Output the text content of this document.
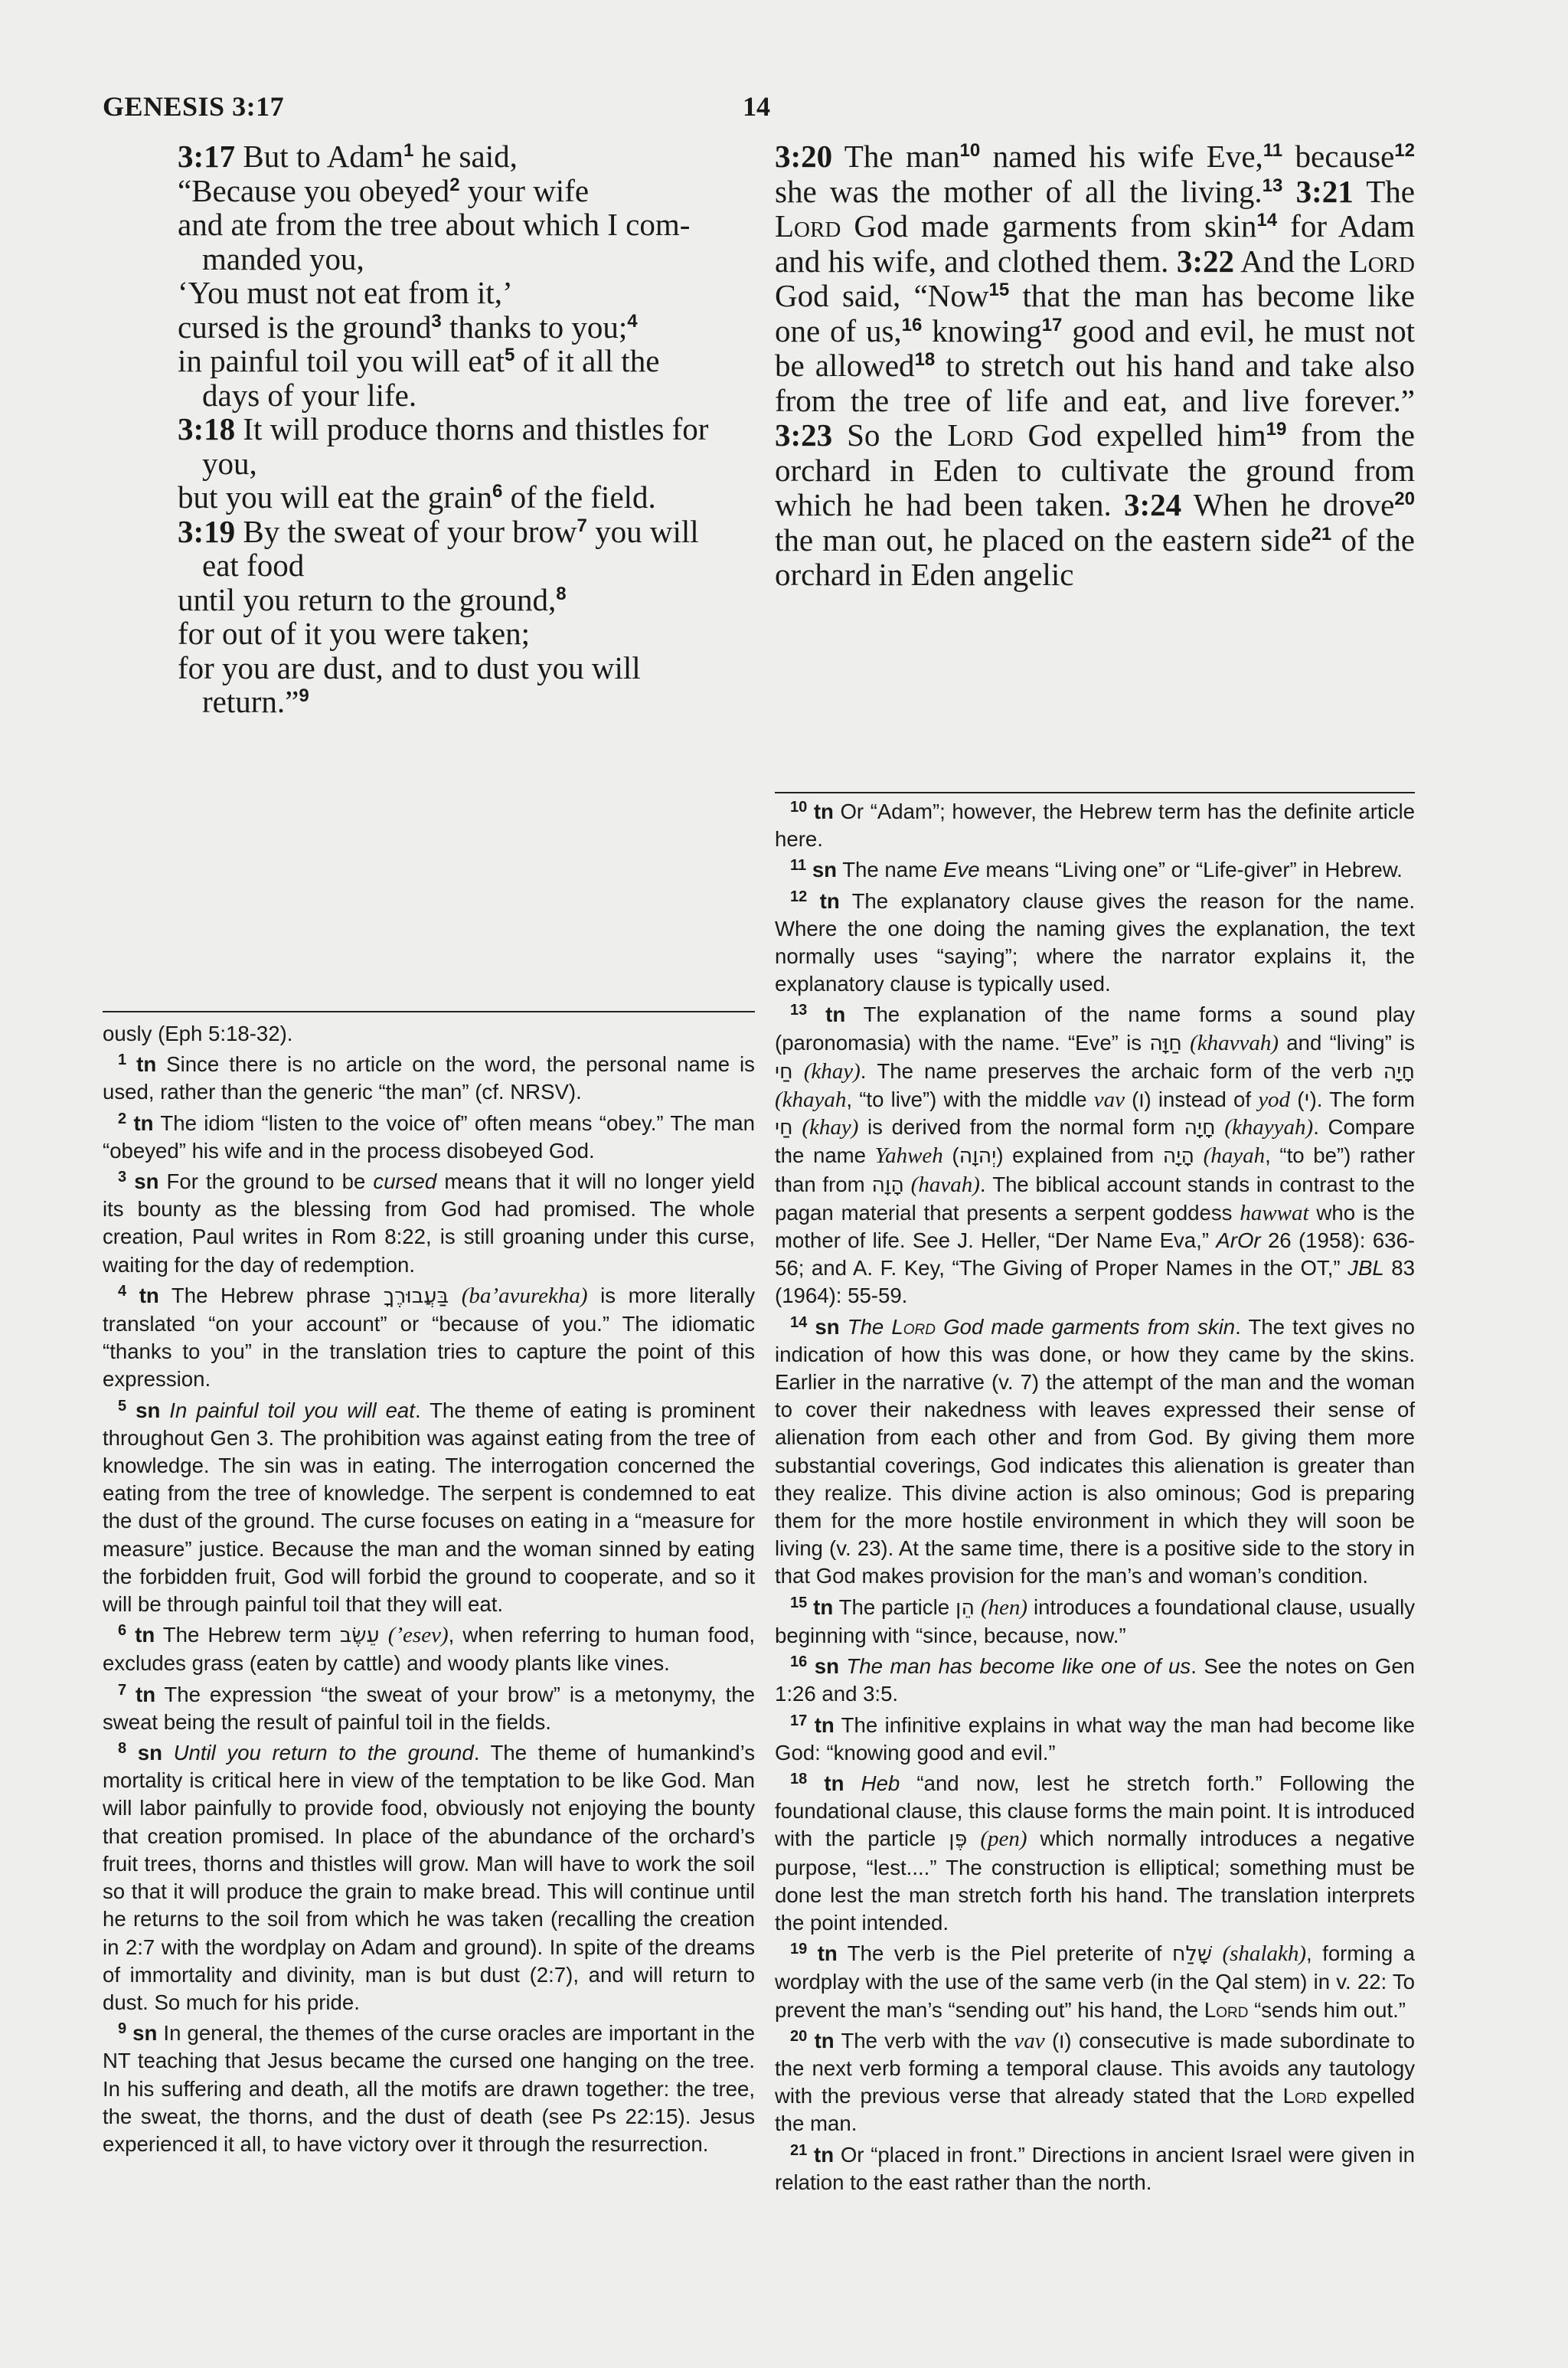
GENESIS 3:17	14
3:17 But to Adam$^1$ he said,
“Because you obeyed$^2$ your wife
and ate from the tree about which I com-
manded you,
‘You must not eat from it,’
cursed is the ground$^3$ thanks to you;$^4$
in painful toil you will eat$^5$ of it all the
days of your life.
3:18 It will produce thorns and thistles for
you,
but you will eat the grain$^6$ of the field.
3:19 By the sweat of your brow$^7$ you will
eat food
until you return to the ground,$^8$
for out of it you were taken;
for you are dust, and to dust you will
return.”$^9$
3:20 The man$^{10}$ named his wife Eve,$^{11}$ because$^{12}$ she was the mother of all the living.$^{13}$ 3:21 The Lord God made garments from skin$^{14}$ for Adam and his wife, and clothed them. 3:22 And the Lord God said, “Now$^{15}$ that the man has become like one of us,$^{16}$ knowing$^{17}$ good and evil, he must not be allowed$^{18}$ to stretch out his hand and take also from the tree of life and eat, and live forever.” 3:23 So the Lord God expelled him$^{19}$ from the orchard in Eden to cultivate the ground from which he had been taken. 3:24 When he drove$^{20}$ the man out, he placed on the eastern side$^{21}$ of the orchard in Eden angelic
ously (Eph 5:18-32).
$^1$ tn Since there is no article on the word, the personal name is used, rather than the generic “the man” (cf. NRSV).
$^2$ tn The idiom “listen to the voice of” often means “obey.” The man “obeyed” his wife and in the process disobeyed God.
$^3$ sn For the ground to be cursed means that it will no longer yield its bounty as the blessing from God had promised. The whole creation, Paul writes in Rom 8:22, is still groaning under this curse, waiting for the day of redemption.
$^4$ tn The Hebrew phrase בַּעֲבוּרֶךָ (ba’avurekha) is more literally translated “on your account” or “because of you.” The idiomatic “thanks to you” in the translation tries to capture the point of this expression.
$^5$ sn In painful toil you will eat. The theme of eating is prominent throughout Gen 3. The prohibition was against eating from the tree of knowledge. The sin was in eating. The interrogation concerned the eating from the tree of knowledge. The serpent is condemned to eat the dust of the ground. The curse focuses on eating in a “measure for measure” justice. Because the man and the woman sinned by eating the forbidden fruit, God will forbid the ground to cooperate, and so it will be through painful toil that they will eat.
$^6$ tn The Hebrew term עֵשֶׂב (’esev), when referring to human food, excludes grass (eaten by cattle) and woody plants like vines.
$^7$ tn The expression “the sweat of your brow” is a metonymy, the sweat being the result of painful toil in the fields.
$^8$ sn Until you return to the ground. The theme of humankind’s mortality is critical here in view of the temptation to be like God. Man will labor painfully to provide food, obviously not enjoying the bounty that creation promised. In place of the abundance of the orchard’s fruit trees, thorns and thistles will grow. Man will have to work the soil so that it will produce the grain to make bread. This will continue until he returns to the soil from which he was taken (recalling the creation in 2:7 with the wordplay on Adam and ground). In spite of the dreams of immortality and divinity, man is but dust (2:7), and will return to dust. So much for his pride.
$^9$ sn In general, the themes of the curse oracles are important in the NT teaching that Jesus became the cursed one hanging on the tree. In his suffering and death, all the motifs are drawn together: the tree, the sweat, the thorns, and the dust of death (see Ps 22:15). Jesus experienced it all, to have victory over it through the resurrection.
$^{10}$ tn Or “Adam”; however, the Hebrew term has the definite article here.
$^{11}$ sn The name Eve means “Living one” or “Life-giver” in Hebrew.
$^{12}$ tn The explanatory clause gives the reason for the name. Where the one doing the naming gives the explanation, the text normally uses “saying”; where the narrator explains it, the explanatory clause is typically used.
$^{13}$ tn The explanation of the name forms a sound play (paronomasia) with the name. “Eve” is חַוָּה (khavvah) and “living” is חַי (khay). The name preserves the archaic form of the verb חָיָה (khayah, “to live”) with the middle vav (ו) instead of yod (י). The form חַי (khay) is derived from the normal form חָיָה (khayyah). Compare the name Yahweh (יְהוָה) explained from הָיָה (hayah, “to be”) rather than from הָוָה (havah). The biblical account stands in contrast to the pagan material that presents a serpent goddess hawwat who is the mother of life. See J. Heller, “Der Name Eva,” ArOr 26 (1958): 636-56; and A. F. Key, “The Giving of Proper Names in the OT,” JBL 83 (1964): 55-59.
$^{14}$ sn The Lord God made garments from skin. The text gives no indication of how this was done, or how they came by the skins. Earlier in the narrative (v. 7) the attempt of the man and the woman to cover their nakedness with leaves expressed their sense of alienation from each other and from God. By giving them more substantial coverings, God indicates this alienation is greater than they realize. This divine action is also ominous; God is preparing them for the more hostile environment in which they will soon be living (v. 23). At the same time, there is a positive side to the story in that God makes provision for the man’s and woman’s condition.
$^{15}$ tn The particle הֵן (hen) introduces a foundational clause, usually beginning with “since, because, now.”
$^{16}$ sn The man has become like one of us. See the notes on Gen 1:26 and 3:5.
$^{17}$ tn The infinitive explains in what way the man had become like God: “knowing good and evil.”
$^{18}$ tn Heb “and now, lest he stretch forth.” Following the foundational clause, this clause forms the main point. It is introduced with the particle פֶּן (pen) which normally introduces a negative purpose, “lest....” The construction is elliptical; something must be done lest the man stretch forth his hand. The translation interprets the point intended.
$^{19}$ tn The verb is the Piel preterite of שָׁלַח (shalakh), forming a wordplay with the use of the same verb (in the Qal stem) in v. 22: To prevent the man’s “sending out” his hand, the Lord “sends him out.”
$^{20}$ tn The verb with the vav (ו) consecutive is made subordinate to the next verb forming a temporal clause. This avoids any tautology with the previous verse that already stated that the Lord expelled the man.
$^{21}$ tn Or “placed in front.” Directions in ancient Israel were given in relation to the east rather than the north.
